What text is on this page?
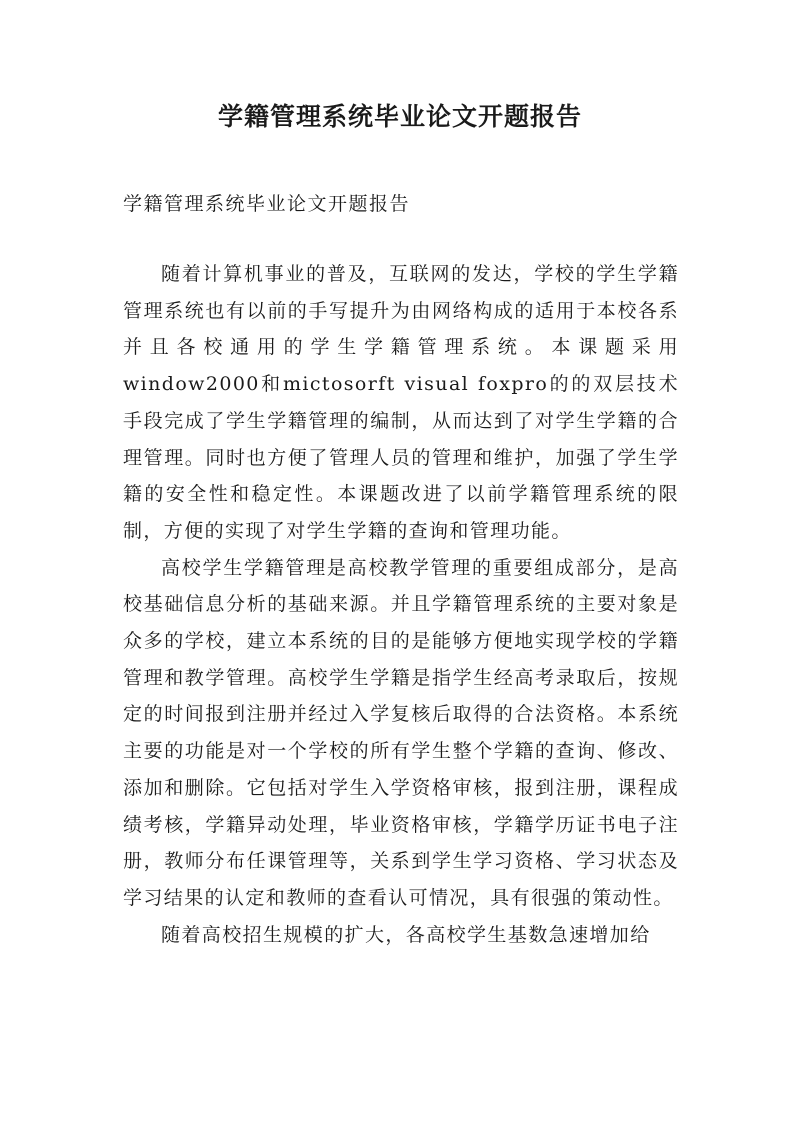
学籍管理系统毕业论文开题报告
学籍管理系统毕业论文开题报告

随着计算机事业的普及，互联网的发达，学校的学生学籍管理系统也有以前的手写提升为由网络构成的适用于本校各系并且各校通用的学生学籍管理系统。本课题采用window2000和mictosorft visual foxpro的的双层技术手段完成了学生学籍管理的编制，从而达到了对学生学籍的合理管理。同时也方便了管理人员的管理和维护，加强了学生学籍的安全性和稳定性。本课题改进了以前学籍管理系统的限制，方便的实现了对学生学籍的查询和管理功能。

高校学生学籍管理是高校教学管理的重要组成部分，是高校基础信息分析的基础来源。并且学籍管理系统的主要对象是众多的学校，建立本系统的目的是能够方便地实现学校的学籍管理和教学管理。高校学生学籍是指学生经高考录取后，按规定的时间报到注册并经过入学复核后取得的合法资格。本系统主要的功能是对一个学校的所有学生整个学籍的查询、修改、添加和删除。它包括对学生入学资格审核，报到注册，课程成绩考核，学籍异动处理，毕业资格审核，学籍学历证书电子注册，教师分布任课管理等，关系到学生学习资格、学习状态及学习结果的认定和教师的查看认可情况，具有很强的策动性。

随着高校招生规模的扩大，各高校学生基数急速增加给
